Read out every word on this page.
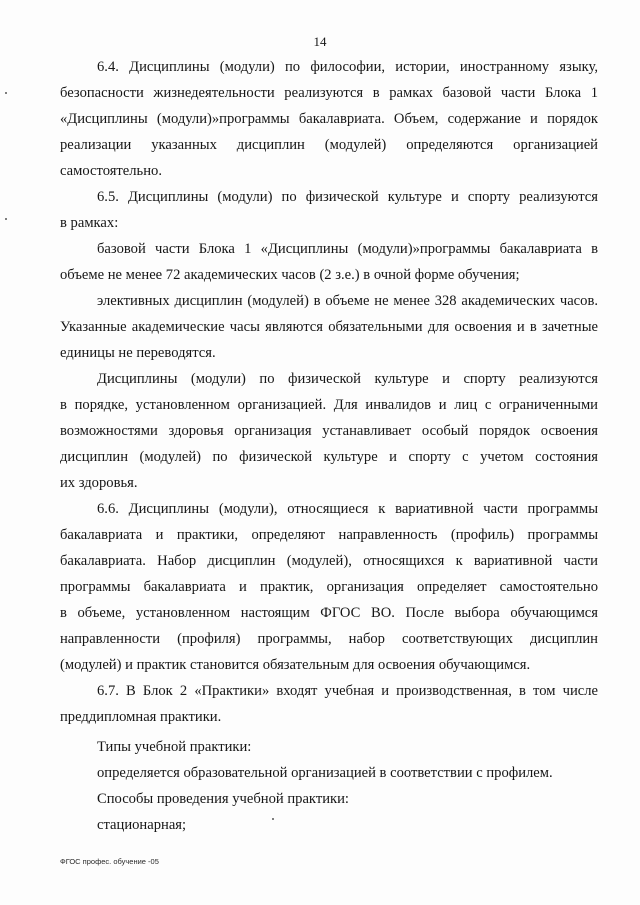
14
6.4. Дисциплины (модули) по философии, истории, иностранному языку,
безопасности жизнедеятельности реализуются в рамках базовой части Блока 1
«Дисциплины (модули)»программы бакалавриата. Объем, содержание и порядок
реализации указанных дисциплин (модулей) определяются организацией
самостоятельно.
6.5. Дисциплины (модули) по физической культуре и спорту реализуются
в рамках:
базовой части Блока 1 «Дисциплины (модули)»программы бакалавриата в
объеме не менее 72 академических часов (2 з.е.) в очной форме обучения;
элективных дисциплин (модулей) в объеме не менее 328 академических часов.
Указанные академические часы являются обязательными для освоения и в зачетные
единицы не переводятся.
Дисциплины (модули) по физической культуре и спорту реализуются
в порядке, установленном организацией. Для инвалидов и лиц с ограниченными
возможностями здоровья организация устанавливает особый порядок освоения
дисциплин (модулей) по физической культуре и спорту с учетом состояния
их здоровья.
6.6. Дисциплины (модули), относящиеся к вариативной части программы
бакалавриата и практики, определяют направленность (профиль) программы
бакалавриата. Набор дисциплин (модулей), относящихся к вариативной части
программы бакалавриата и практик, организация определяет самостоятельно
в объеме, установленном настоящим ФГОС ВО. После выбора обучающимся
направленности (профиля) программы, набор соответствующих дисциплин
(модулей) и практик становится обязательным для освоения обучающимся.
6.7. В Блок 2 «Практики» входят учебная и производственная, в том числе
преддипломная практики.
Типы учебной практики:
определяется образовательной организацией в соответствии с профилем.
Способы проведения учебной практики:
стационарная;
ФГОС профес. обучение -05
